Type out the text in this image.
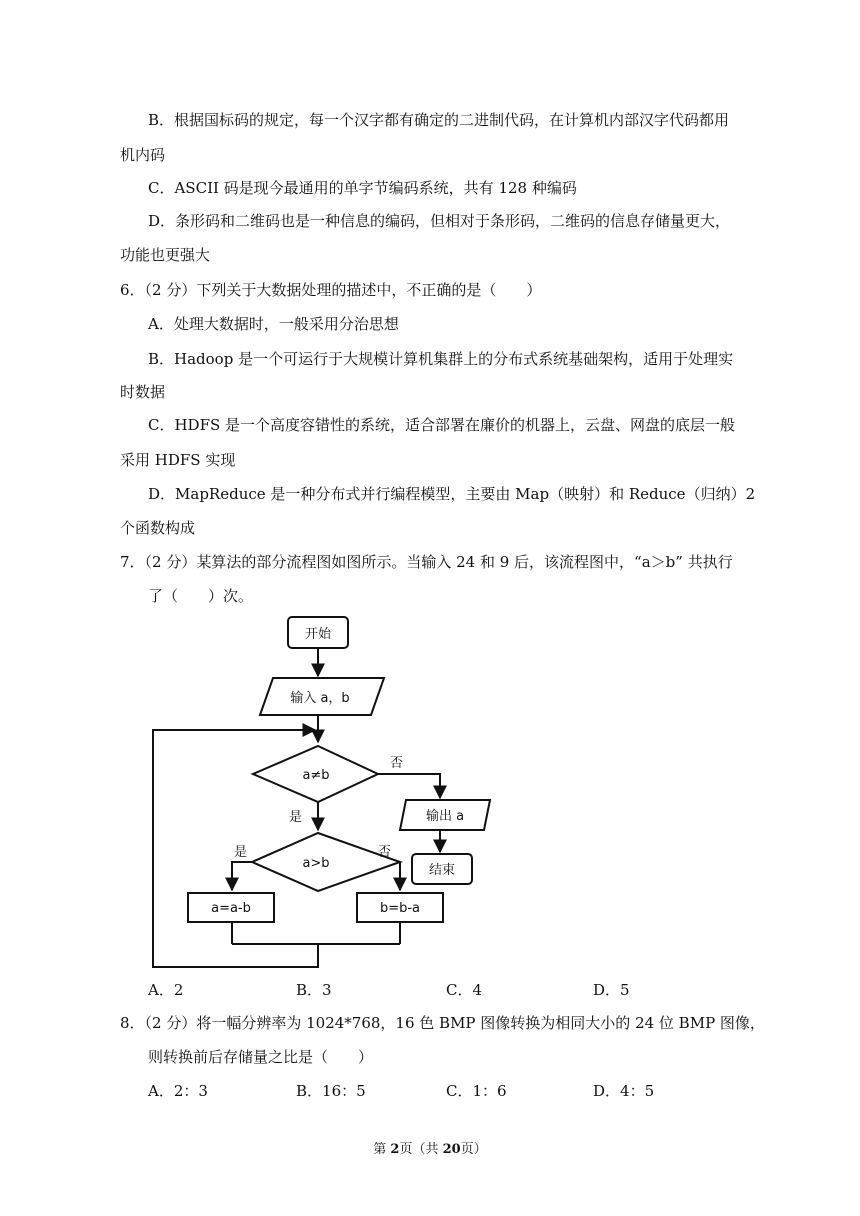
B．根据国标码的规定，每一个汉字都有确定的二进制代码，在计算机内部汉字代码都用
机内码
C．ASCII 码是现今最通用的单字节编码系统，共有 128 种编码
D．条形码和二维码也是一种信息的编码，但相对于条形码，二维码的信息存储量更大，
功能也更强大
6．（2 分）下列关于大数据处理的描述中，不正确的是（　　）
A．处理大数据时，一般采用分治思想
B．Hadoop 是一个可运行于大规模计算机集群上的分布式系统基础架构，适用于处理实
时数据
C．HDFS 是一个高度容错性的系统，适合部署在廉价的机器上，云盘、网盘的底层一般
采用 HDFS 实现
D．MapReduce 是一种分布式并行编程模型，主要由 Map（映射）和 Reduce（归纳）2
个函数构成
7．（2 分）某算法的部分流程图如图所示。当输入 24 和 9 后，该流程图中，“a＞b” 共执行
了（　　）次。
开始
输入 a，b
a≠b
否
是	输出 a
结束
a>b
是	否
a=a-b	b=b-a
A．2	B．3	C．4	D．5
8．（2 分）将一幅分辨率为 1024*768，16 色 BMP 图像转换为相同大小的 24 位 BMP 图像，
则转换前后存储量之比是（　　）
A．2：3	B．16：5	C．1：6	D．4：5
第 2页（共 20页）
